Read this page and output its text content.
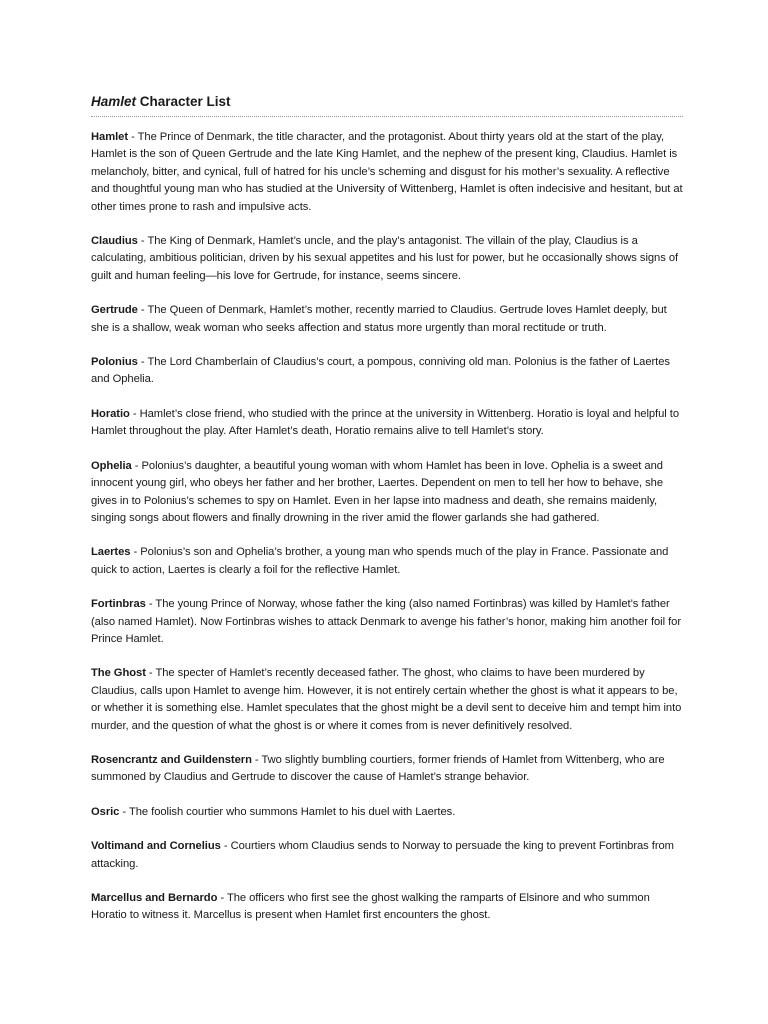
Hamlet Character List

Hamlet - The Prince of Denmark, the title character, and the protagonist. About thirty years old at the start of the play, Hamlet is the son of Queen Gertrude and the late King Hamlet, and the nephew of the present king, Claudius. Hamlet is melancholy, bitter, and cynical, full of hatred for his uncle’s scheming and disgust for his mother’s sexuality. A reflective and thoughtful young man who has studied at the University of Wittenberg, Hamlet is often indecisive and hesitant, but at other times prone to rash and impulsive acts.

Claudius - The King of Denmark, Hamlet’s uncle, and the play’s antagonist. The villain of the play, Claudius is a calculating, ambitious politician, driven by his sexual appetites and his lust for power, but he occasionally shows signs of guilt and human feeling—his love for Gertrude, for instance, seems sincere.

Gertrude - The Queen of Denmark, Hamlet’s mother, recently married to Claudius. Gertrude loves Hamlet deeply, but she is a shallow, weak woman who seeks affection and status more urgently than moral rectitude or truth.

Polonius - The Lord Chamberlain of Claudius’s court, a pompous, conniving old man. Polonius is the father of Laertes and Ophelia.

Horatio - Hamlet’s close friend, who studied with the prince at the university in Wittenberg. Horatio is loyal and helpful to Hamlet throughout the play. After Hamlet’s death, Horatio remains alive to tell Hamlet’s story.

Ophelia - Polonius’s daughter, a beautiful young woman with whom Hamlet has been in love. Ophelia is a sweet and innocent young girl, who obeys her father and her brother, Laertes. Dependent on men to tell her how to behave, she gives in to Polonius’s schemes to spy on Hamlet. Even in her lapse into madness and death, she remains maidenly, singing songs about flowers and finally drowning in the river amid the flower garlands she had gathered.

Laertes - Polonius’s son and Ophelia’s brother, a young man who spends much of the play in France. Passionate and quick to action, Laertes is clearly a foil for the reflective Hamlet.

Fortinbras - The young Prince of Norway, whose father the king (also named Fortinbras) was killed by Hamlet’s father (also named Hamlet). Now Fortinbras wishes to attack Denmark to avenge his father’s honor, making him another foil for Prince Hamlet.

The Ghost - The specter of Hamlet’s recently deceased father. The ghost, who claims to have been murdered by Claudius, calls upon Hamlet to avenge him. However, it is not entirely certain whether the ghost is what it appears to be, or whether it is something else. Hamlet speculates that the ghost might be a devil sent to deceive him and tempt him into murder, and the question of what the ghost is or where it comes from is never definitively resolved.

Rosencrantz and Guildenstern - Two slightly bumbling courtiers, former friends of Hamlet from Wittenberg, who are summoned by Claudius and Gertrude to discover the cause of Hamlet’s strange behavior.

Osric - The foolish courtier who summons Hamlet to his duel with Laertes.

Voltimand and Cornelius - Courtiers whom Claudius sends to Norway to persuade the king to prevent Fortinbras from attacking.

Marcellus and Bernardo - The officers who first see the ghost walking the ramparts of Elsinore and who summon Horatio to witness it. Marcellus is present when Hamlet first encounters the ghost.
